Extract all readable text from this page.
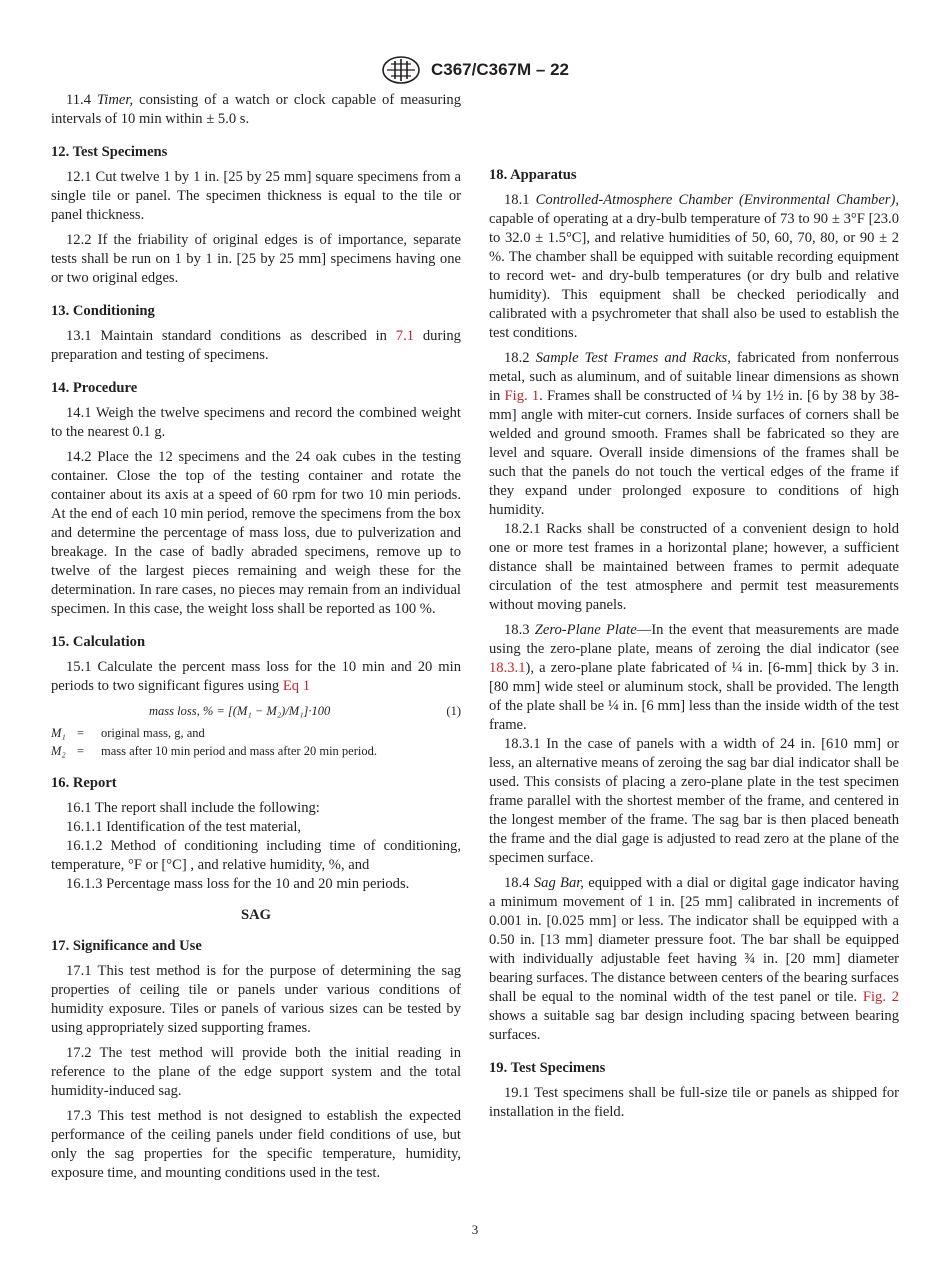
C367/C367M – 22

11.4 Timer, consisting of a watch or clock capable of measuring intervals of 10 min within ± 5.0 s.

12. Test Specimens

12.1 Cut twelve 1 by 1 in. [25 by 25 mm] square specimens from a single tile or panel. The specimen thickness is equal to the tile or panel thickness.

12.2 If the friability of original edges is of importance, separate tests shall be run on 1 by 1 in. [25 by 25 mm] specimens having one or two original edges.

13. Conditioning

13.1 Maintain standard conditions as described in 7.1 during preparation and testing of specimens.

14. Procedure

14.1 Weigh the twelve specimens and record the combined weight to the nearest 0.1 g.

14.2 Place the 12 specimens and the 24 oak cubes in the testing container. Close the top of the testing container and rotate the container about its axis at a speed of 60 rpm for two 10 min periods. At the end of each 10 min period, remove the specimens from the box and determine the percentage of mass loss, due to pulverization and breakage. In the case of badly abraded specimens, remove up to twelve of the largest pieces remaining and weigh these for the determination. In rare cases, no pieces may remain from an individual specimen. In this case, the weight loss shall be reported as 100 %.

15. Calculation

15.1 Calculate the percent mass loss for the 10 min and 20 min periods to two significant figures using Eq 1

mass loss, % = [(M₁ − M₂)/M₁]·100	(1)
M₁ =	original mass, g, and
M₂ =	mass after 10 min period and mass after 20 min period.
16. Report

16.1 The report shall include the following:

16.1.1 Identification of the test material,

16.1.2 Method of conditioning including time of conditioning, temperature, °F or [°C] , and relative humidity, %, and

16.1.3 Percentage mass loss for the 10 and 20 min periods.

SAG
17. Significance and Use

17.1 This test method is for the purpose of determining the sag properties of ceiling tile or panels under various conditions of humidity exposure. Tiles or panels of various sizes can be tested by using appropriately sized supporting frames.

17.2 The test method will provide both the initial reading in reference to the plane of the edge support system and the total humidity-induced sag.

17.3 This test method is not designed to establish the expected performance of the ceiling panels under field conditions of use, but only the sag properties for the specific temperature, humidity, exposure time, and mounting conditions used in the test.

18. Apparatus

18.1 Controlled-Atmosphere Chamber (Environmental Chamber), capable of operating at a dry-bulb temperature of 73 to 90 ± 3°F [23.0 to 32.0 ± 1.5°C], and relative humidities of 50, 60, 70, 80, or 90 ± 2 %. The chamber shall be equipped with suitable recording equipment to record wet- and dry-bulb temperatures (or dry bulb and relative humidity). This equipment shall be checked periodically and calibrated with a psychrometer that shall also be used to establish the test conditions.

18.2 Sample Test Frames and Racks, fabricated from nonferrous metal, such as aluminum, and of suitable linear dimensions as shown in Fig. 1. Frames shall be constructed of ¼ by 1½ in. [6 by 38 by 38-mm] angle with miter-cut corners. Inside surfaces of corners shall be welded and ground smooth. Frames shall be fabricated so they are level and square. Overall inside dimensions of the frames shall be such that the panels do not touch the vertical edges of the frame if they expand under prolonged exposure to conditions of high humidity.

18.2.1 Racks shall be constructed of a convenient design to hold one or more test frames in a horizontal plane; however, a sufficient distance shall be maintained between frames to permit adequate circulation of the test atmosphere and permit test measurements without moving panels.

18.3 Zero-Plane Plate—In the event that measurements are made using the zero-plane plate, means of zeroing the dial indicator (see 18.3.1), a zero-plane plate fabricated of ¼ in. [6-mm] thick by 3 in. [80 mm] wide steel or aluminum stock, shall be provided. The length of the plate shall be ¼ in. [6 mm] less than the inside width of the test frame.

18.3.1 In the case of panels with a width of 24 in. [610 mm] or less, an alternative means of zeroing the sag bar dial indicator shall be used. This consists of placing a zero-plane plate in the test specimen frame parallel with the shortest member of the frame, and centered in the longest member of the frame. The sag bar is then placed beneath the frame and the dial gage is adjusted to read zero at the plane of the specimen surface.

18.4 Sag Bar, equipped with a dial or digital gage indicator having a minimum movement of 1 in. [25 mm] calibrated in increments of 0.001 in. [0.025 mm] or less. The indicator shall be equipped with a 0.50 in. [13 mm] diameter pressure foot. The bar shall be equipped with individually adjustable feet having ¾ in. [20 mm] diameter bearing surfaces. The distance between centers of the bearing surfaces shall be equal to the nominal width of the test panel or tile. Fig. 2 shows a suitable sag bar design including spacing between bearing surfaces.

19. Test Specimens

19.1 Test specimens shall be full-size tile or panels as shipped for installation in the field.

3
